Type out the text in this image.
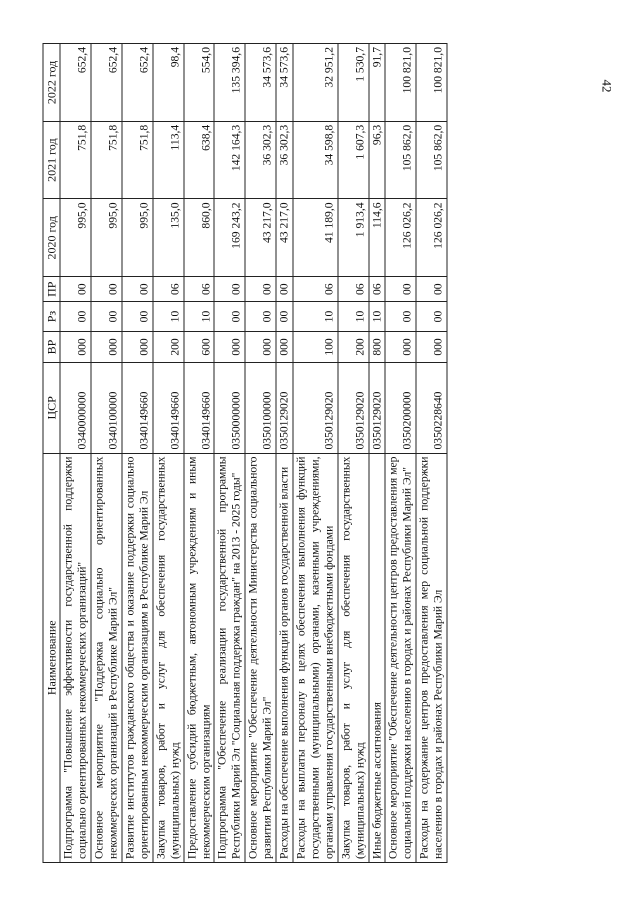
42
Наименование	ЦСР	ВР	Рз	ПР	2020 год	2021 год	2022 год
Подпрограмма "Повышение эффективности государственной поддержки социально ориентированных некоммерческих организаций"	0340000000	000	00	00	995,0	751,8	652,4
Основное мероприятие "Поддержка социально ориентированных некоммерческих организаций в Республике Марий Эл"	0340100000	000	00	00	995,0	751,8	652,4
Развитие институтов гражданского общества и оказание поддержки социально ориентированным некоммерческим организациям в Республике Марий Эл	0340149660	000	00	00	995,0	751,8	652,4
Закупка товаров, работ и услуг для обеспечения государственных (муниципальных) нужд	0340149660	200	10	06	135,0	113,4	98,4
Предоставление субсидий бюджетным, автономным учреждениям и иным некоммерческим организациям	0340149660	600	10	06	860,0	638,4	554,0
Подпрограмма "Обеспечение реализации государственной программы Республики Марий Эл "Социальная поддержка граждан" на 2013 - 2025 годы"	0350000000	000	00	00	169 243,2	142 164,3	135 394,6
Основное мероприятие "Обеспечение деятельности Министерства социального развития Республики Марий Эл"	0350100000	000	00	00	43 217,0	36 302,3	34 573,6
Расходы на обеспечение выполнения функций органов государственной власти	0350129020	000	00	00	43 217,0	36 302,3	34 573,6
Расходы на выплаты персоналу в целях обеспечения выполнения функций государственными (муниципальными) органами, казенными учреждениями, органами управления государственными внебюджетными фондами	0350129020	100	10	06	41 189,0	34 598,8	32 951,2
Закупка товаров, работ и услуг для обеспечения государственных (муниципальных) нужд	0350129020	200	10	06	1 913,4	1 607,3	1 530,7
Иные бюджетные ассигнования	0350129020	800	10	06	114,6	96,3	91,7
Основное мероприятие "Обеспечение деятельности центров предоставления мер социальной поддержки населению в городах и районах Республики Марий Эл"	0350200000	000	00	00	126 026,2	105 862,0	100 821,0
Расходы на содержание центров предоставления мер социальной поддержки населению в городах и районах Республики Марий Эл	0350228640	000	00	00	126 026,2	105 862,0	100 821,0
